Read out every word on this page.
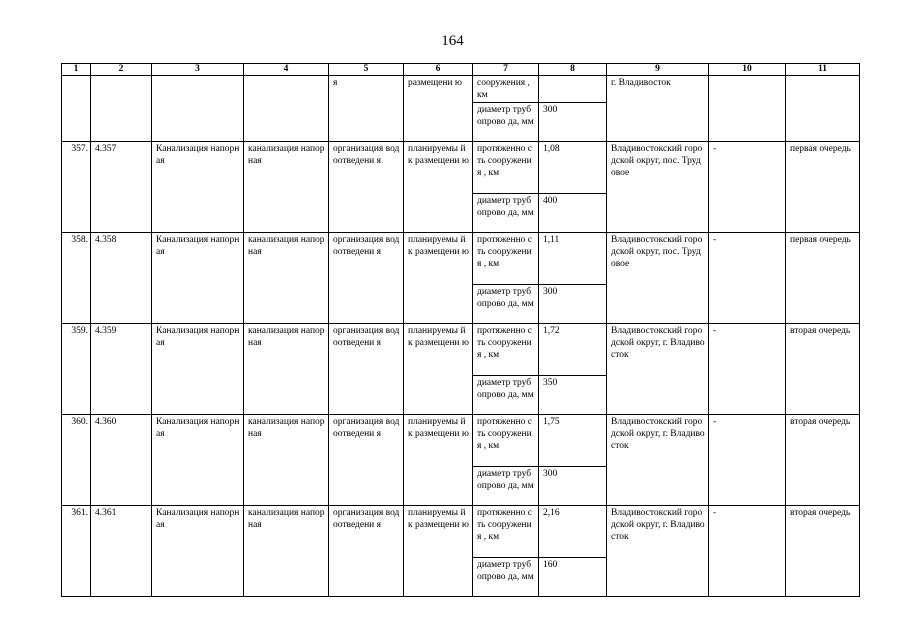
164
1	2	3	4	5	6	7	8	9	10	11
				я	размещени ю	сооружения , км		г. Владивосток		
						диаметр трубопрово да, мм	300			
357.	4.357	Канализация напорная	канализация напорная	организация водоотведени я	планируемы й к размещени ю	протяженно сть сооружения , км	1,08	Владивостокский городской округ, пос. Трудовое	-	первая очередь
						диаметр трубопрово да, мм	400			
358.	4.358	Канализация напорная	канализация напорная	организация водоотведени я	планируемы й к размещени ю	протяженно сть сооружения , км	1,11	Владивостокский городской округ, пос. Трудовое	-	первая очередь
						диаметр трубопрово да, мм	300			
359.	4.359	Канализация напорная	канализация напорная	организация водоотведени я	планируемы й к размещени ю	протяженно сть сооружения , км	1,72	Владивостокский городской округ, г. Владивосток	-	вторая очередь
						диаметр трубопрово да, мм	350			
360.	4.360	Канализация напорная	канализация напорная	организация водоотведени я	планируемы й к размещени ю	протяженно сть сооружения , км	1,75	Владивостокский городской округ, г. Владивосток	-	вторая очередь
						диаметр трубопрово да, мм	300			
361.	4.361	Канализация напорная	канализация напорная	организация водоотведени я	планируемы й к размещени ю	протяженно сть сооружения , км	2,16	Владивостокский городской округ, г. Владивосток	-	вторая очередь
						диаметр трубопрово да, мм	160			
